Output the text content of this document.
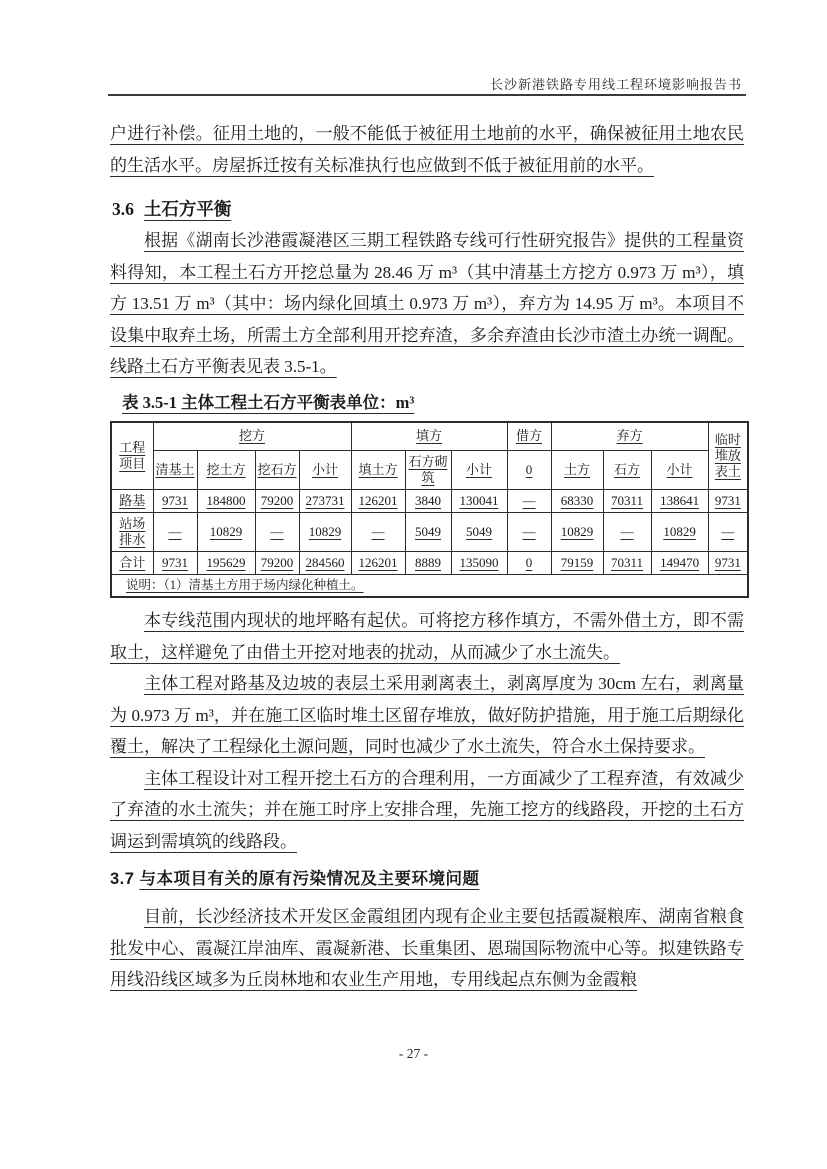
长沙新港铁路专用线工程环境影响报告书

户进行补偿。征用土地的，一般不能低于被征用土地前的水平，确保被征用土地农民的生活水平。房屋拆迁按有关标准执行也应做到不低于被征用前的水平。

3.6 土石方平衡

根据《湖南长沙港霞凝港区三期工程铁路专线可行性研究报告》提供的工程量资料得知，本工程土石方开挖总量为 28.46 万 m³（其中清基土方挖方 0.973 万 m³），填方 13.51 万 m³（其中：场内绿化回填土 0.973 万 m³），弃方为 14.95 万 m³。本项目不设集中取弃土场，所需土方全部利用开挖弃渣，多余弃渣由长沙市渣土办统一调配。线路土石方平衡表见表 3.5-1。

表 3.5-1 主体工程土石方平衡表单位：m³
工程项目	挖方				填方			借方	弃方			临时堆放表土
	清基土	挖土方	挖石方	小计	填土方	石方砌筑	小计	0	土方	石方	小计	
路基	9731	184800	79200	273731	126201	3840	130041	—	68330	70311	138641	9731
站场排水	—	10829	—	10829	—	5049	5049	—	10829	—	10829	—
合计	9731	195629	79200	284560	126201	8889	135090	0	79159	70311	149470	9731
说明：（1）清基土方用于场内绿化种植土。												

本专线范围内现状的地坪略有起伏。可将挖方移作填方，不需外借土方，即不需取土，这样避免了由借土开挖对地表的扰动，从而减少了水土流失。

主体工程对路基及边坡的表层土采用剥离表土，剥离厚度为 30cm 左右，剥离量为 0.973 万 m³，并在施工区临时堆土区留存堆放，做好防护措施，用于施工后期绿化覆土，解决了工程绿化土源问题，同时也减少了水土流失，符合水土保持要求。

主体工程设计对工程开挖土石方的合理利用，一方面减少了工程弃渣，有效减少了弃渣的水土流失；并在施工时序上安排合理，先施工挖方的线路段，开挖的土石方调运到需填筑的线路段。

3.7 与本项目有关的原有污染情况及主要环境问题

目前，长沙经济技术开发区金霞组团内现有企业主要包括霞凝粮库、湖南省粮食批发中心、霞凝江岸油库、霞凝新港、长重集团、恩瑞国际物流中心等。拟建铁路专用线沿线区域多为丘岗林地和农业生产用地，专用线起点东侧为金霞粮

- 27 -
